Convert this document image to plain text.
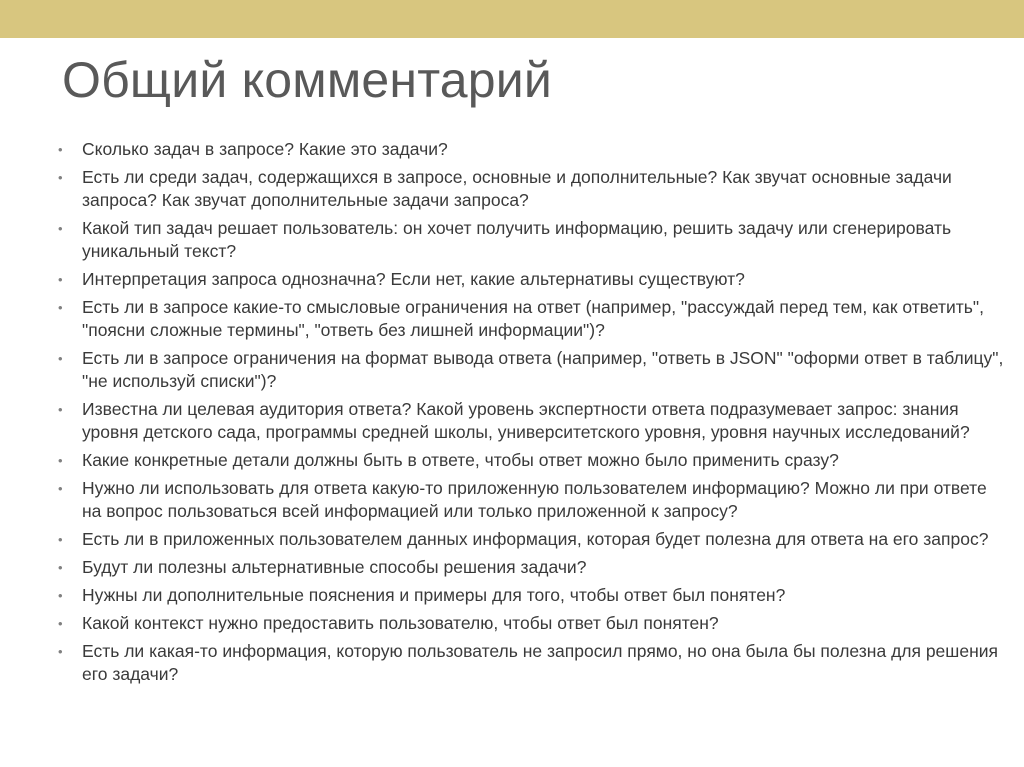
Общий комментарий
•	Сколько задач в запросе? Какие это задачи?
•	Есть ли среди задач, содержащихся в запросе, основные и дополнительные? Как звучат основные задачи запроса? Как звучат дополнительные задачи запроса?
•	Какой тип задач решает пользователь: он хочет получить информацию, решить задачу или сгенерировать уникальный текст?
•	Интерпретация запроса однозначна? Если нет, какие альтернативы существуют?
•	Есть ли в запросе какие-то смысловые ограничения на ответ (например, "рассуждай перед тем, как ответить", "поясни сложные термины", "ответь без лишней информации")?
•	Есть ли в запросе ограничения на формат вывода ответа (например, "ответь в JSON" "оформи ответ в таблицу", "не используй списки")?
•	Известна ли целевая аудитория ответа? Какой уровень экспертности ответа подразумевает запрос: знания уровня детского сада, программы средней школы, университетского уровня, уровня научных исследований?
•	Какие конкретные детали должны быть в ответе, чтобы ответ можно было применить сразу?
•	Нужно ли использовать для ответа какую-то приложенную пользователем информацию? Можно ли при ответе на вопрос пользоваться всей информацией или только приложенной к запросу?
•	Есть ли в приложенных пользователем данных информация, которая будет полезна для ответа на его запрос?
•	Будут ли полезны альтернативные способы решения задачи?
•	Нужны ли дополнительные пояснения и примеры для того, чтобы ответ был понятен?
•	Какой контекст нужно предоставить пользователю, чтобы ответ был понятен?
•	Есть ли какая-то информация, которую пользователь не запросил прямо, но она была бы полезна для решения его задачи?
